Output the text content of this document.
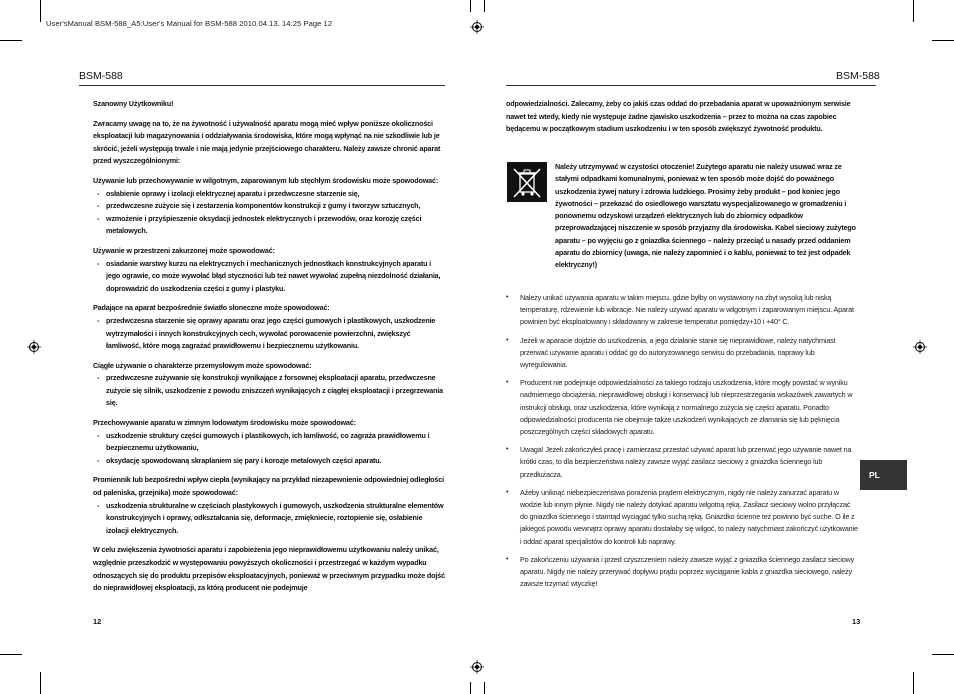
User'sManual BSM-588_A5:User's Manual for BSM-588 2010.04.13. 14:25 Page 12
BSM-588
Szanowny Użytkowniku!
Zwracamy uwagę na to, że na żywotność i używalność aparatu mogą mieć wpływ poniższe okoliczności eksploatacji lub magazynowania i oddziaływania środowiska, które mogą wpłynąć na nie szkodliwie lub je skrócić, jeżeli występują trwale i nie mają jedynie przejściowego charakteru. Należy zawsze chronić aparat przed wyszczególnionymi:
Używanie lub przechowywanie w wilgotnym, zaparowanym lub stęchłym środowisku może spowodować:
- osłabienie oprawy i izolacji elektrycznej aparatu i przedwczesne starzenie się,
- przedwczesne zużycie się i zestarzenia komponentów konstrukcji z gumy i tworzyw sztucznych,
- wzmożenie i przyśpieszenie oksydacji jednostek elektrycznych i przewodów, oraz korozję części metalowych.
Używanie w przestrzeni zakurzonej może spowodować:
- osiadanie warstwy kurzu na elektrycznych i mechanicznych jednostkach konstrukcyjnych aparatu i jego ograwie, co może wywołać błąd styczności lub też nawet wywołać zupełną niezdolność działania, doprowadzić do uszkodzenia części z gumy i plastyku.
Padające na aparat bezpośrednie światło słoneczne może spowodować:
- przedwczesna starzenie się oprawy aparatu oraz jego części gumowych i plastikowych, uszkodzenie wytrzymałości i innych konstrukcyjnych cech, wywołać porowacenie powierzchni, zwiększyć łamliwość, które mogą zagrażać prawidłowemu i bezpiecznemu użytkowaniu.
Ciągłe używanie o charakterze przemysłowym może spowodować:
- przedwczesne zużywanie się konstrukcji wynikające z forsownej eksploatacji aparatu, przedwczesne zużycie się silnik, uszkodzenie z powodu zniszczeń wynikających z ciągłej eksploatacji i przegrzewania się.
Przechowywanie aparatu w zimnym lodowatym środowisku może spowodować:
- uszkodzenie struktury części gumowych i plastikowych, ich łamliwość, co zagraża prawidłowemu i bezpiecznemu użytkowaniu,
- oksydację spowodowaną skraplaniem się pary i korozje metalowych części aparatu.
Promiennik lub bezpośredni wpływ ciepła (wynikający na przykład niezapewnienie odpowiedniej odległości od paleniska, grzejnika) może spowodować:
- uszkodzenia strukturalne w częściach plastykowych i gumowych, uszkodzenia strukturalne elementów konstrukcyjnych i oprawy, odkształcania się, deformacje, zmiękniecie, roztopienie się, osłabienie izolacji elektrycznych.
W celu zwiększenia żywotności aparatu i zapobieżenia jego nieprawidłowemu użytkowaniu należy unikać, względnie przeszkodzić w występowaniu powyższych okoliczności i przestrzegać w każdym wypadku odnoszących się do produktu przepisów eksploatacyjnych, ponieważ w przeciwnym przypadku może dojść do nieprawidłowej eksploatacji, za którą producent nie podejmuje
12
BSM-588
odpowiedzialności. Zalecamy, żeby co jakiś czas oddać do przebadania aparat w upoważnionym serwisie nawet też wtedy, kiedy nie występuje żadne zjawisko uszkodzenia – przez to można na czas zapobiec będącemu w początkowym stadium uszkodzeniu i w ten sposób zwiększyć żywotność produktu.
Należy utrzymywać w czystości otoczenie! Zużytego aparatu nie należy usuwać wraz ze stałymi odpadkami komunalnymi, ponieważ w ten sposób może dojść do poważnego uszkodzenia żywej natury i zdrowia ludzkiego. Prosimy żeby produkt – pod koniec jego żywotności – przekazać do osiedlowego warsztatu wyspecjalizowanego w gromadzeniu i ponownemu odzyskowi urządzeń elektrycznych lub do zbiornicy odpadków przeprowadzającej niszczenie w sposób przyjazny dla środowiska. Kabel sieciowy zużytego aparatu – po wyjęciu go z gniazdka ściennego – należy przeciąć u nasady przed oddaniem aparatu do zbiornicy (uwaga, nie należy zapomnieć i o kablu, ponieważ to też jest odpadek elektryczny!)
• Należy unikać używania aparatu w takim miejscu, gdzie byłby on wystawiony na zbyt wysoką lub niską temperaturę, rdzewienie lub wibracje. Nie należy używać aparatu w wilgotnym i zaparowanym miejscu. Aparat powinien być eksploatowany i składowany w zakresie temperatur pomiędzy+10 i +40° C.
• Jeżeli w aparacie dojdzie do uszkodzenia, a jego działanie stanie się nieprawidłowe, należy natychmiast przerwać używanie aparatu i oddać go do autoryzowanego serwisu do przebadania, naprawy lub wyregulowania.
• Producent nie podejmuje odpowiedzialności za takiego rodzaju uszkodzenia, które mogły powstać w wyniku nadmiernego obciążenia, nieprawidłowej obsługi i konserwacji lub nieprzestrzegania wskazówek zawartych w instrukcji obsługi, oraz uszkodzenia, które wynikają z normalnego zużycia się części aparatu. Ponadto odpowiedzialności producenta nie obejmuje także uszkodzeń wynikających ze złamania się lub pęknięcia poszczególnych części składowych aparatu.
• Uwaga! Jeżeli zakończyłeś pracę i zamierzasz przestać używać aparat lub przerwać jego używanie nawet na krótki czas, to dla bezpieczeństwa należy zawsze wyjąć zasilacz sieciowy z gniazdka ściennego lub przedłużacza.
• Aźeby uniknąć niebezpieczeństwa porażenia prądem elektrycznym, nigdy nie należy zanurzać aparatu w wodzie lub innym płynie. Nigdy nie należy dotykać aparatu wilgotną ręką. Zasilacz sieciowy wolno przyłączać do gniazdka ściennego i stamtąd wyciągać tylko suchą ręką. Gniazdko ścienne też powinno być suche. O ile z jakiegoś powodu wewnątrz oprawy aparatu dostałaby się wilgoć, to należy natychmiast zakończyć użytkowanie i oddać aparat specjalistów do kontroli lub naprawy.
• Po zakończeniu używania i przed czyszczeniem należy zawsze wyjąć z gniazdka ściennego zasilacz sieciowy aparatu. Nigdy nie należy przerywać dopływu prądu poprzez wyciąganie kabla z gniazdka sieciowego, należy zawsze trzymać wtyczkę!
PL
13
